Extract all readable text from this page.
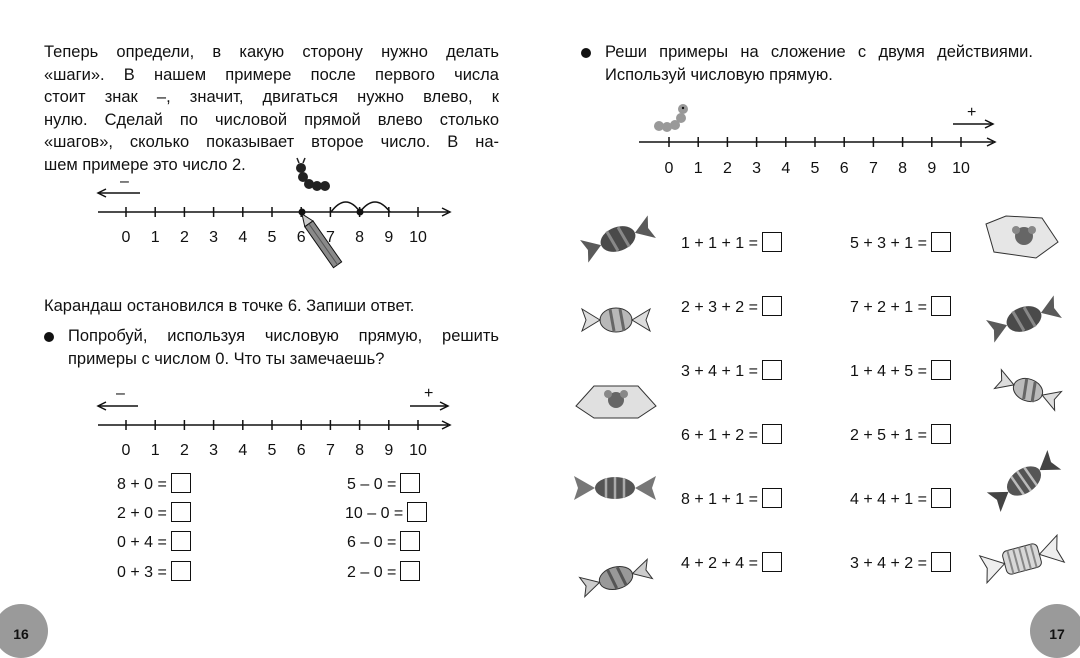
Теперь определи, в какую сторону нужно делать
«шаги». В нашем примере после первого числа
стоит знак –, значит, двигаться нужно влево, к
нулю. Сделай по числовой прямой влево столько
«шагов», сколько показывает второе число. В на-
шем примере это число 2.
–
0 1 2 3 4 5 6 7 8 9 10
Карандаш остановился в точке 6. Запиши ответ.
Попробуй, используя числовую прямую, решить
примеры с числом 0. Что ты замечаешь?
–	+
0 1 2 3 4 5 6 7 8 9 10
8 + 0 =
2 + 0 =
0 + 4 =
0 + 3 =
5 – 0 =
10 – 0 =
6 – 0 =
2 – 0 =
16
Реши примеры на сложение с двумя действиями.
Используй числовую прямую.
+
0 1 2 3 4 5 6 7 8 9 10
1 + 1 + 1 =
2 + 3 + 2 =
3 + 4 + 1 =
6 + 1 + 2 =
8 + 1 + 1 =
4 + 2 + 4 =
5 + 3 + 1 =
7 + 2 + 1 =
1 + 4 + 5 =
2 + 5 + 1 =
4 + 4 + 1 =
3 + 4 + 2 =
17
